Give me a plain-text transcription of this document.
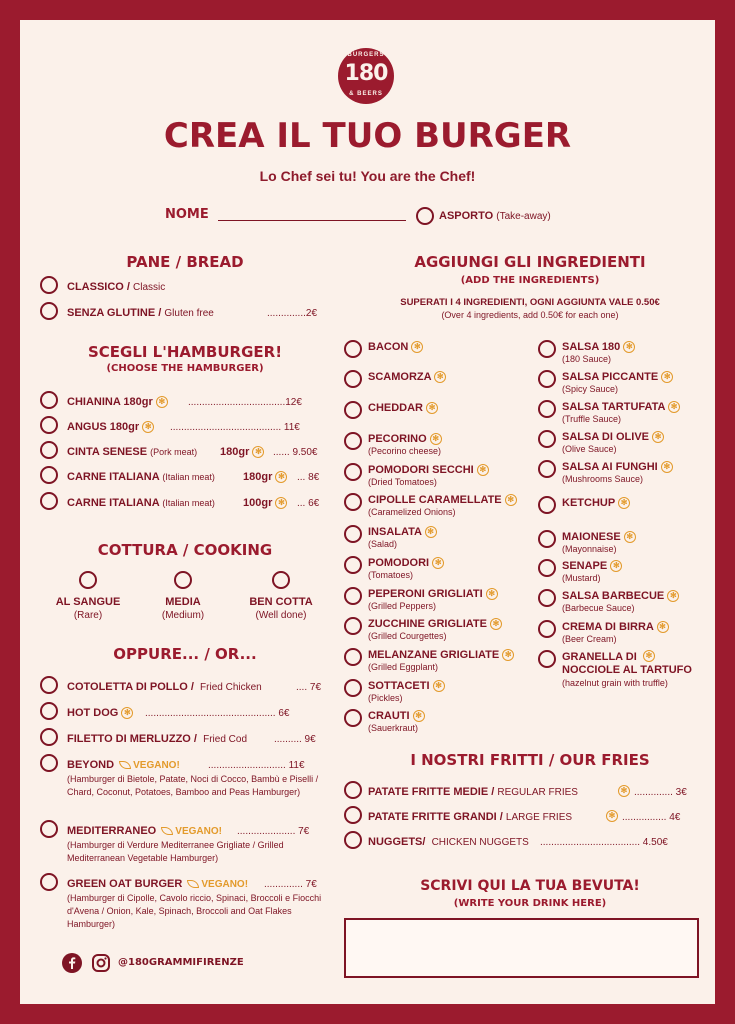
BURGERS
180
& BEERS
CREA IL TUO BURGER
Lo Chef sei tu! You are the Chef!
NOME	ASPORTO (Take-away)
PANE / BREAD
CLASSICO / Classic
SENZA GLUTINE / Gluten free	..............2€
SCEGLI L'HAMBURGER!
(CHOOSE THE HAMBURGER)
CHIANINA 180gr ✻ ...................................12€
ANGUS 180gr ✻ ........................................ 11€
CINTA SENESE (Pork meat) 180gr ✻ ...... 9.50€
CARNE ITALIANA (Italian meat)	180gr ✻ ... 8€
CARNE ITALIANA (Italian meat)	100gr ✻ ... 6€
COTTURA / COOKING
AL SANGUE
(Rare)
MEDIA
(Medium)
BEN COTTA
(Well done)
OPPURE... / OR...
COTOLETTA DI POLLO / Fried Chicken	.... 7€
HOT DOG ✻ ............................................... 6€
FILETTO DI MERLUZZO / Fried Cod	.......... 9€
BEYOND VEGANO!	............................ 11€
(Hamburger di Bietole, Patate, Noci di Cocco, Bambù e Piselli / Chard, Coconut, Potatoes, Bamboo and Peas Hamburger)
MEDITERRANEO VEGANO! ..................... 7€
(Hamburger di Verdure Mediterranee Grigliate / Grilled Mediterranean Vegetable Hamburger)
GREEN OAT BURGER VEGANO! .............. 7€
(Hamburger di Cipolle, Cavolo riccio, Spinaci, Broccoli e Fiocchi d'Avena / Onion, Kale, Spinach, Broccoli and Oat Flakes Hamburger)
@180GRAMMIFIRENZE
AGGIUNGI GLI INGREDIENTI
(ADD THE INGREDIENTS)
SUPERATI I 4 INGREDIENTI, OGNI AGGIUNTA VALE 0.50€
(Over 4 ingredients, add 0.50€ for each one)
BACON ✻
SCAMORZA ✻
CHEDDAR ✻
PECORINO ✻
(Pecorino cheese)
POMODORI SECCHI ✻
(Dried Tomatoes)
CIPOLLE CARAMELLATE ✻
(Caramelized Onions)
INSALATA ✻
(Salad)
POMODORI ✻
(Tomatoes)
PEPERONI GRIGLIATI ✻
(Grilled Peppers)
ZUCCHINE GRIGLIATE ✻
(Grilled Courgettes)
MELANZANE GRIGLIATE ✻
(Grilled Eggplant)
SOTTACETI ✻
(Pickles)
CRAUTI ✻
(Sauerkraut)
SALSA 180 ✻
(180 Sauce)
SALSA PICCANTE ✻
(Spicy Sauce)
SALSA TARTUFATA ✻
(Truffle Sauce)
SALSA DI OLIVE ✻
(Olive Sauce)
SALSA AI FUNGHI ✻
(Mushrooms Sauce)
KETCHUP ✻
MAIONESE ✻
(Mayonnaise)
SENAPE ✻
(Mustard)
SALSA BARBECUE ✻
(Barbecue Sauce)
CREMA DI BIRRA ✻
(Beer Cream)
GRANELLA DI
NOCCIOLE AL TARTUFO
✻
(hazelnut grain with truffle)
I NOSTRI FRITTI / OUR FRIES
PATATE FRITTE MEDIE / REGULAR FRIES	✻ .............. 3€
PATATE FRITTE GRANDI / LARGE FRIES	✻ ................ 4€
NUGGETS/ CHICKEN NUGGETS .................................... 4.50€
SCRIVI QUI LA TUA BEVUTA!
(WRITE YOUR DRINK HERE)
